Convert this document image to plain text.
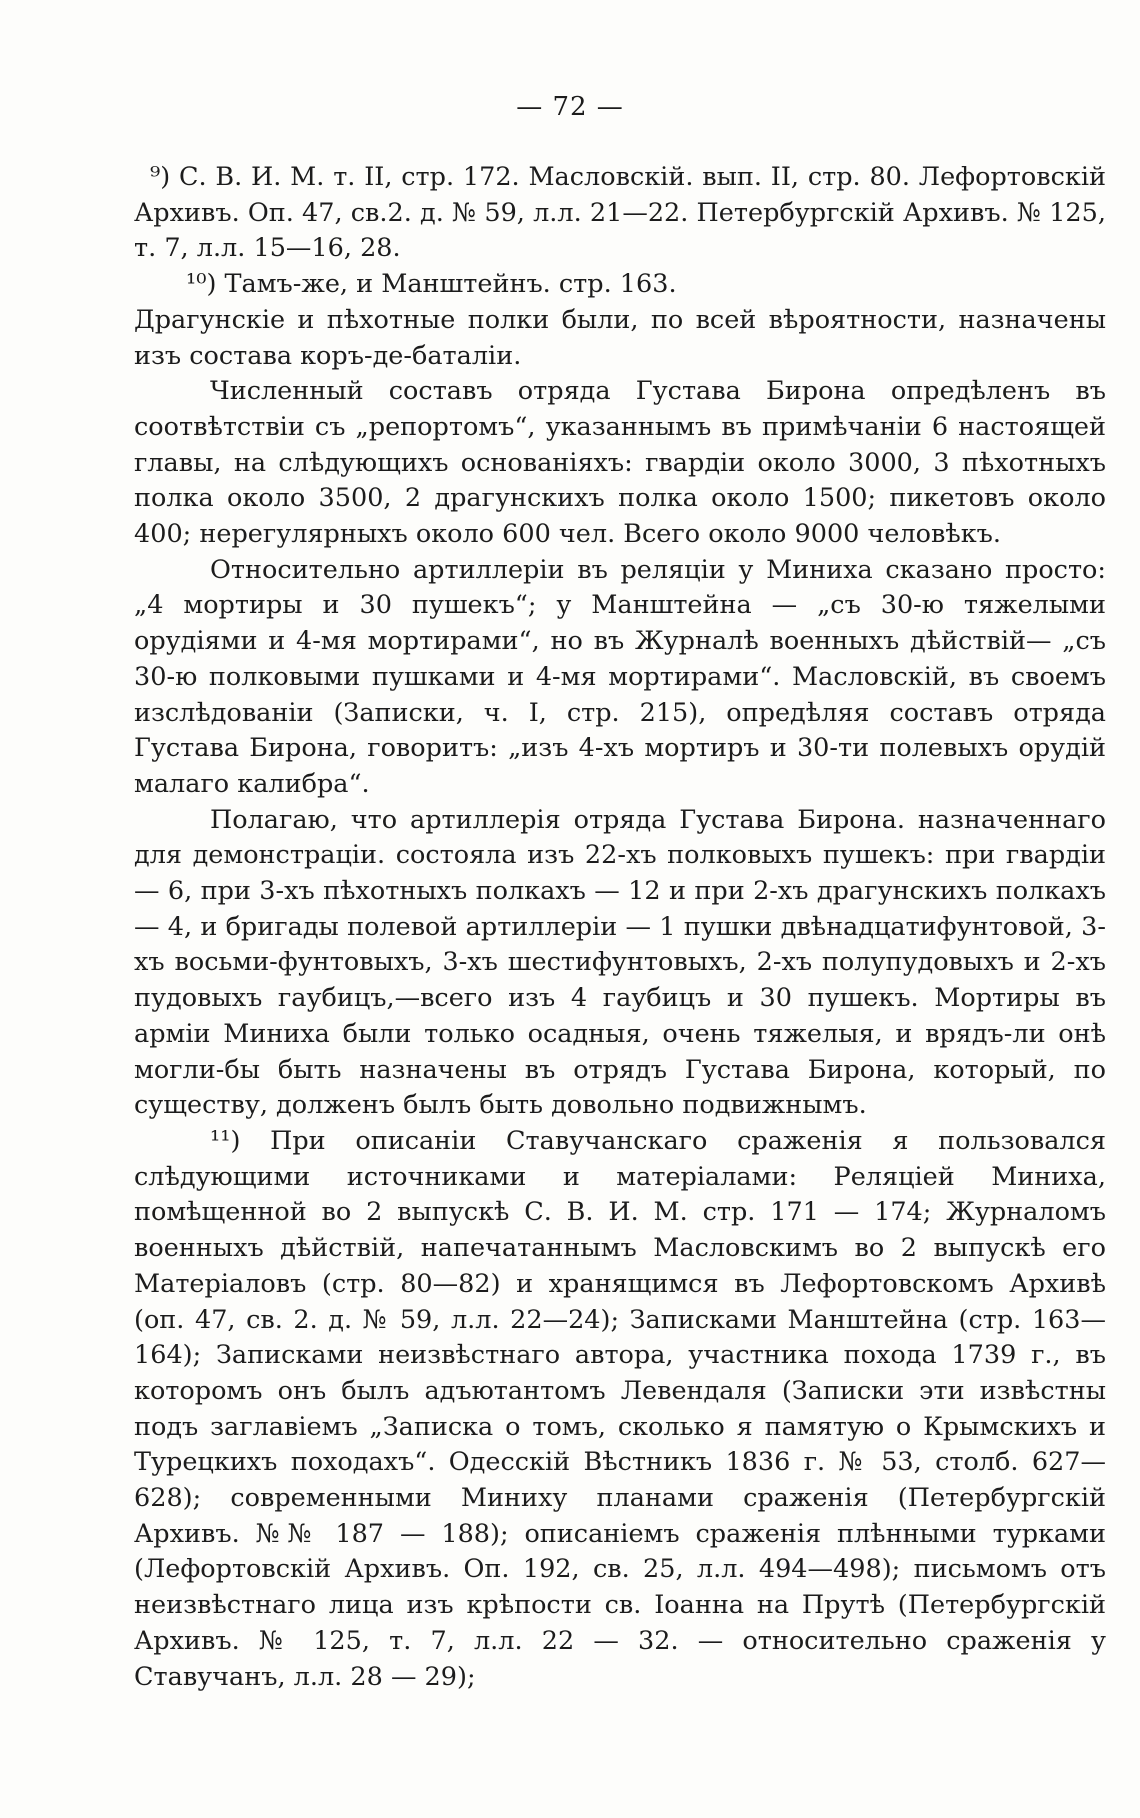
— 72 —

⁹) С. В. И. М. т. II, стр. 172. Масловскій. вып. II, стр. 80. Лефортовскій Архивъ. Оп. 47, св.2. д. № 59, л.л. 21—22. Петербургскій Архивъ. № 125, т. 7, л.л. 15—16, 28.

¹⁰) Тамъ-же, и Манштейнъ. стр. 163.

Драгунскіе и пѣхотные полки были, по всей вѣроятности, назначены изъ состава коръ-де-баталіи.

Численный составъ отряда Густава Бирона опредѣленъ въ соотвѣтствіи съ „репортомъ“, указаннымъ въ примѣчаніи 6 настоящей главы, на слѣдующихъ основаніяхъ: гвардіи около 3000, 3 пѣхотныхъ полка около 3500, 2 драгунскихъ полка около 1500; пикетовъ около 400; нерегулярныхъ около 600 чел. Всего около 9000 человѣкъ.

Относительно артиллеріи въ реляціи у Миниха сказано просто: „4 мортиры и 30 пушекъ“; у Манштейна — „съ 30-ю тяжелыми орудіями и 4-мя мортирами“, но въ Журналѣ военныхъ дѣйствій— „съ 30-ю полковыми пушками и 4-мя мортирами“. Масловскій, въ своемъ изслѣдованіи (Записки, ч. I, стр. 215), опредѣляя составъ отряда Густава Бирона, говоритъ: „изъ 4-хъ мортиръ и 30-ти полевыхъ орудій малаго калибра“.

Полагаю, что артиллерія отряда Густава Бирона. назначеннаго для демонстраціи. состояла изъ 22-хъ полковыхъ пушекъ: при гвардіи — 6, при 3-хъ пѣхотныхъ полкахъ — 12 и при 2-хъ драгунскихъ полкахъ — 4, и бригады полевой артиллеріи — 1 пушки двѣнадцатифунтовой, 3-хъ восьми-фунтовыхъ, 3-хъ шестифунтовыхъ, 2-хъ полупудовыхъ и 2-хъ пудовыхъ гаубицъ,—всего изъ 4 гаубицъ и 30 пушекъ. Мортиры въ арміи Миниха были только осадныя, очень тяжелыя, и врядъ-ли онѣ могли-бы быть назначены въ отрядъ Густава Бирона, который, по существу, долженъ былъ быть довольно подвижнымъ.

¹¹) При описаніи Ставучанскаго сраженія я пользовался слѣдующими источниками и матеріалами: Реляціей Миниха, помѣщенной во 2 выпускѣ С. В. И. М. стр. 171 — 174; Журналомъ военныхъ дѣйствій, напечатаннымъ Масловскимъ во 2 выпускѣ его Матеріаловъ (стр. 80—82) и хранящимся въ Лефортовскомъ Архивѣ (оп. 47, св. 2. д. № 59, л.л. 22—24); Записками Манштейна (стр. 163—164); Записками неизвѣстнаго автора, участника похода 1739 г., въ которомъ онъ былъ адъютантомъ Левендаля (Записки эти извѣстны подъ заглавіемъ „Записка о томъ, сколько я памятую о Крымскихъ и Турецкихъ походахъ“. Одесскій Вѣстникъ 1836 г. № 53, столб. 627—628); современными Миниху планами сраженія (Петербургскій Архивъ. №№ 187 — 188); описаніемъ сраженія плѣнными турками (Лефортовскій Архивъ. Оп. 192, св. 25, л.л. 494—498); письмомъ отъ неизвѣстнаго лица изъ крѣпости св. Іоанна на Прутѣ (Петербургскій Архивъ. № 125, т. 7, л.л. 22 — 32. — относительно сраженія у Ставучанъ, л.л. 28 — 29);
